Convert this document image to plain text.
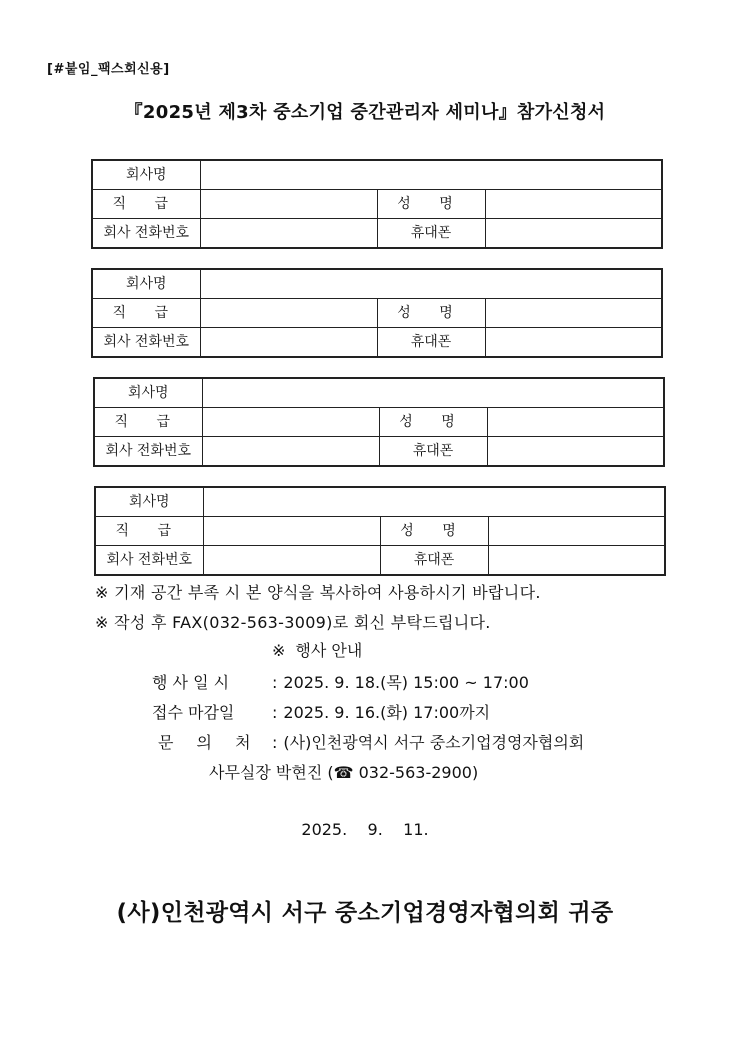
[#붙임_팩스회신용]
『2025년 제3차 중소기업 중간관리자 세미나』참가신청서
회사명			
직 급		성 명	
회사 전화번호		휴대폰	
회사명			
직 급		성 명	
회사 전화번호		휴대폰	
회사명			
직 급		성 명	
회사 전화번호		휴대폰	
회사명			
직 급		성 명	
회사 전화번호		휴대폰	
※ 기재 공간 부족 시 본 양식을 복사하여 사용하시기 바랍니다.
※ 작성 후 FAX(032-563-3009)로 회신 부탁드립니다.
※ 행사 안내
행 사 일 시	: 2025. 9. 18.(목) 15:00 ~ 17:00
접수 마감일 : 2025. 9. 16.(화) 17:00까지
문 의 처 : (사)인천광역시 서구 중소기업경영자협의회
사무실장 박현진 (☎ 032-563-2900)
2025.    9.    11.
(사)인천광역시 서구 중소기업경영자협의회 귀중
